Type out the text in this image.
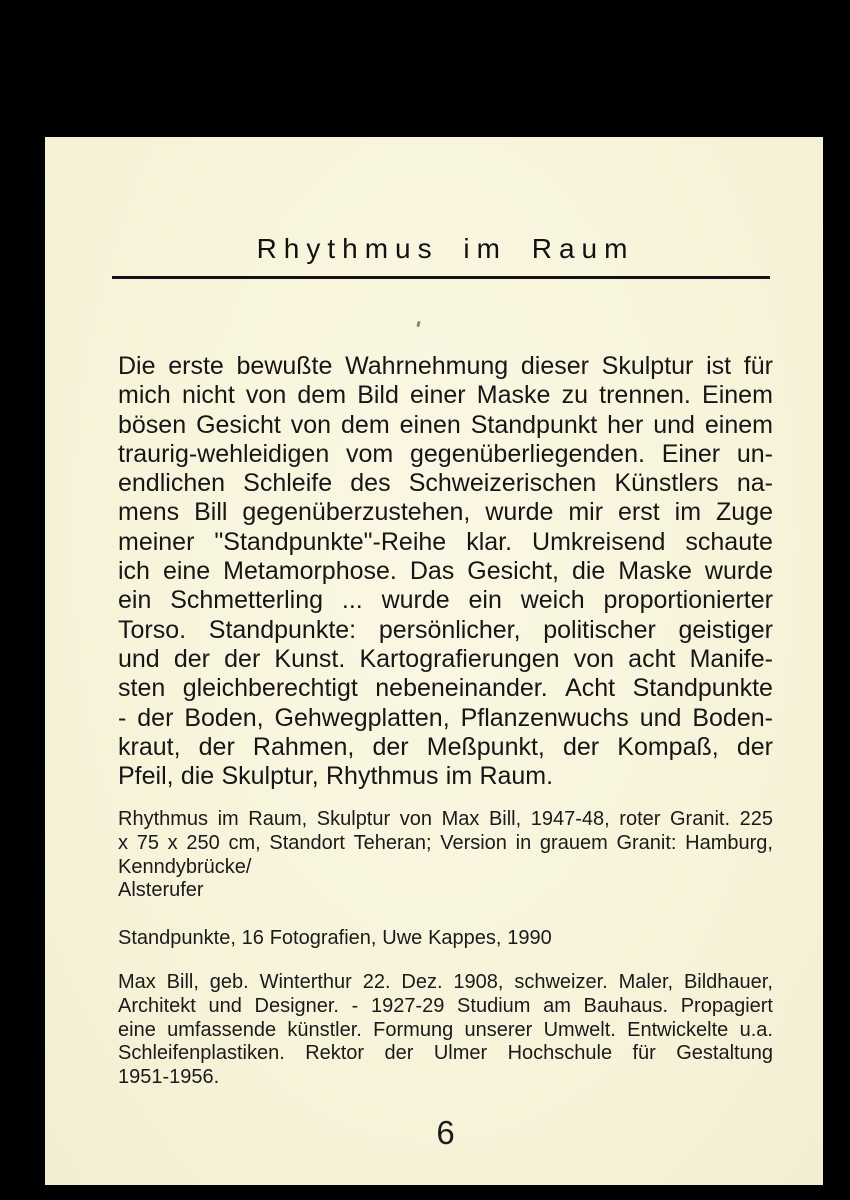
Rhythmus im Raum
Die erste bewußte Wahrnehmung dieser Skulptur ist für
mich nicht von dem Bild einer Maske zu trennen. Einem
bösen Gesicht von dem einen Standpunkt her und einem
traurig-wehleidigen vom gegenüberliegenden. Einer un-
endlichen Schleife des Schweizerischen Künstlers na-
mens Bill gegenüberzustehen, wurde mir erst im Zuge
meiner "Standpunkte"-Reihe klar. Umkreisend schaute
ich eine Metamorphose. Das Gesicht, die Maske wurde
ein Schmetterling ... wurde ein weich proportionierter
Torso. Standpunkte: persönlicher, politischer geistiger
und der der Kunst. Kartografierungen von acht Manife-
sten gleichberechtigt nebeneinander. Acht Standpunkte
- der Boden, Gehwegplatten, Pflanzenwuchs und Boden-
kraut, der Rahmen, der Meßpunkt, der Kompaß, der
Pfeil, die Skulptur, Rhythmus im Raum.
Rhythmus im Raum, Skulptur von Max Bill, 1947-48, roter Granit. 225
x 75 x 250 cm, Standort Teheran; Version in grauem Granit: Hamburg,
Kenndybrücke/
Alsterufer
Standpunkte, 16 Fotografien, Uwe Kappes, 1990
Max Bill, geb. Winterthur 22. Dez. 1908, schweizer. Maler, Bildhauer,
Architekt und Designer. - 1927-29 Studium am Bauhaus. Propagiert
eine umfassende künstler. Formung unserer Umwelt. Entwickelte u.a.
Schleifenplastiken. Rektor der Ulmer Hochschule für Gestaltung
1951-1956.
6
